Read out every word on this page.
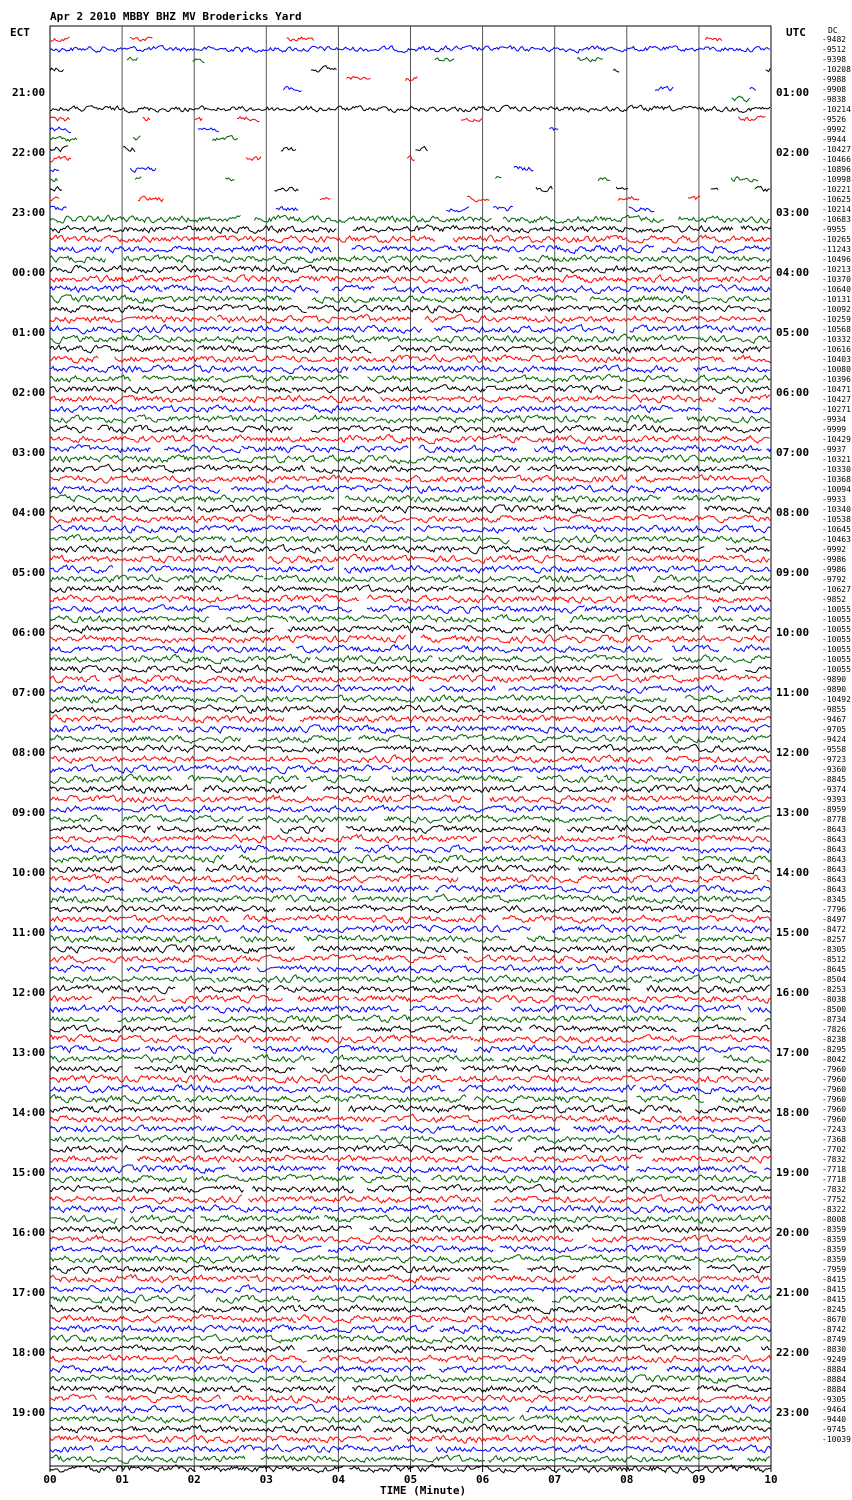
00	01	02	03	04	05	06	07	08	09	10
21:00	01:00
22:00	02:00
23:00	03:00
00:00	04:00
01:00	05:00
02:00	06:00
03:00	07:00
04:00	08:00
05:00	09:00
06:00	10:00
07:00	11:00
08:00	12:00
09:00	13:00
10:00	14:00
11:00	15:00
12:00	16:00
13:00	17:00
14:00	18:00
15:00	19:00
16:00	20:00
17:00	21:00
18:00	22:00
19:00	23:00
-9482
-9512
-9398
-10208
-9988
-9908
-9838
-10214
-9526
-9992
-9944
-10427
-10466
-10896
-10998
-10221
-10625
-10214
-10683
-9955
-10265
-11243
-10496
-10213
-10370
-10640
-10131
-10092
-10259
-10568
-10332
-10616
-10403
-10080
-10396
-10471
-10427
-10271
-9934
-9999
-10429
-9937
-10321
-10330
-10368
-10094
-9933
-10340
-10538
-10645
-10463
-9992
-9986
-9986
-9792
-10627
-9852
-10055
-10055
-10055
-10055
-10055
-10055
-10055
-9890
-9890
-10492
-9855
-9467
-9705
-9424
-9558
-9723
-9360
-8845
-9374
-9393
-8959
-8778
-8643
-8643
-8643
-8643
-8643
-8643
-8643
-8345
-7796
-8497
-8472
-8257
-8305
-8512
-8645
-8504
-8253
-8038
-8500
-8734
-7826
-8238
-8295
-8042
-7960
-7960
-7960
-7960
-7960
-7960
-7243
-7368
-7702
-7832
-7718
-7718
-7832
-7752
-8322
-8008
-8359
-8359
-8359
-8359
-7959
-8415
-8415
-8415
-8245
-8670
-8742
-8749
-8830
-9249
-8884
-8884
-8884
-9305
-9464
-9440
-9745
-10039
Apr 2 2010 MBBY BHZ MV Brodericks Yard
ECT	UTC	DC
TIME (Minute)
